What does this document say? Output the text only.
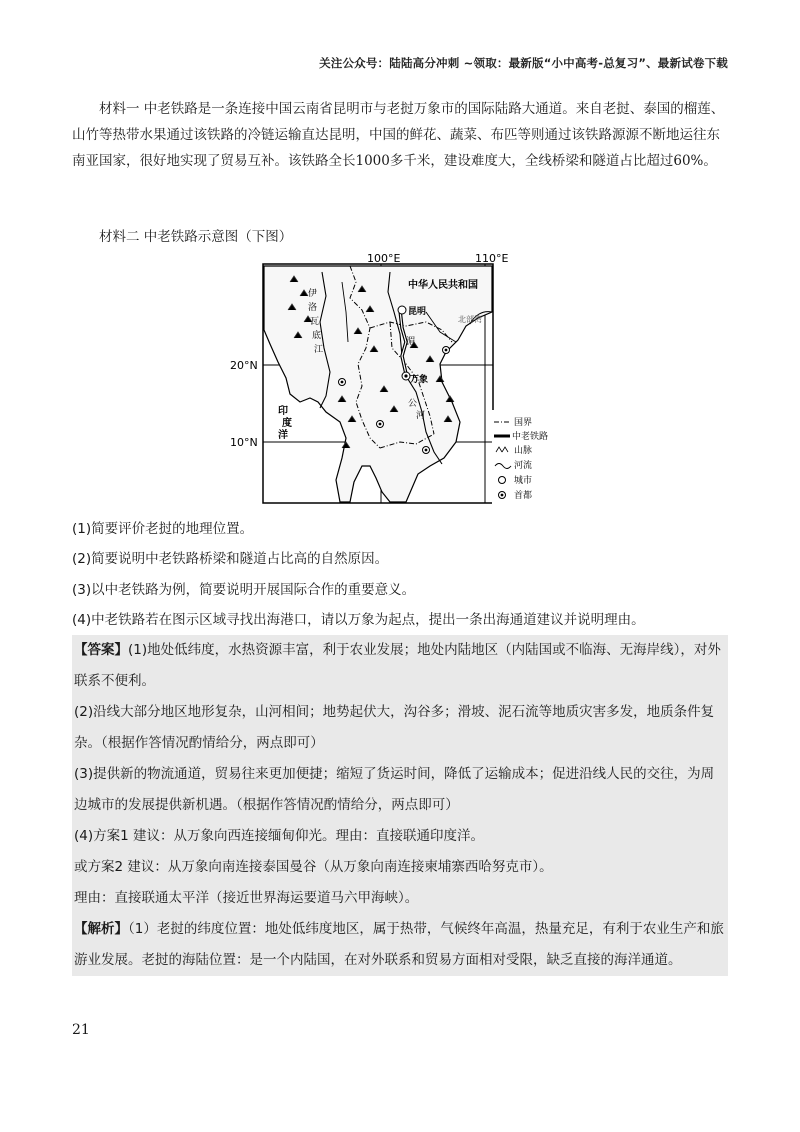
关注公众号：陆陆高分冲刺 ~领取：最新版“小中高考-总复习”、最新试卷下载

材料一 中老铁路是一条连接中国云南省昆明市与老挝万象市的国际陆路大通道。来自老挝、泰国的榴莲、山竹等热带水果通过该铁路的冷链运输直达昆明，中国的鲜花、蔬菜、布匹等则通过该铁路源源不断地运往东南亚国家，很好地实现了贸易互补。该铁路全长1000多千米，建设难度大，全线桥梁和隧道占比超过60%。

材料二 中老铁路示意图（下图）

100°E	110°E
20°N
10°N
伊
洛
瓦
底
江
湄
公
河
中华人民共和国
昆明
北部湾
万象
印
度
洋
国界
中老铁路
山脉
河流
城市
首都

(1)简要评价老挝的地理位置。

(2)简要说明中老铁路桥梁和隧道占比高的自然原因。

(3)以中老铁路为例，简要说明开展国际合作的重要意义。

(4)中老铁路若在图示区域寻找出海港口，请以万象为起点，提出一条出海通道建议并说明理由。

【答案】(1)地处低纬度，水热资源丰富，利于农业发展；地处内陆地区（内陆国或不临海、无海岸线），对外联系不便利。

(2)沿线大部分地区地形复杂，山河相间；地势起伏大，沟谷多；滑坡、泥石流等地质灾害多发，地质条件复杂。（根据作答情况酌情给分，两点即可）

(3)提供新的物流通道，贸易往来更加便捷；缩短了货运时间，降低了运输成本；促进沿线人民的交往，为周边城市的发展提供新机遇。（根据作答情况酌情给分，两点即可）

(4)方案1 建议：从万象向西连接缅甸仰光。理由：直接联通印度洋。

或方案2 建议：从万象向南连接泰国曼谷（从万象向南连接柬埔寨西哈努克市）。

理由：直接联通太平洋（接近世界海运要道马六甲海峡）。

【解析】（1）老挝的纬度位置：地处低纬度地区，属于热带，气候终年高温，热量充足，有利于农业生产和旅游业发展。老挝的海陆位置：是一个内陆国，在对外联系和贸易方面相对受限，缺乏直接的海洋通道。

21
